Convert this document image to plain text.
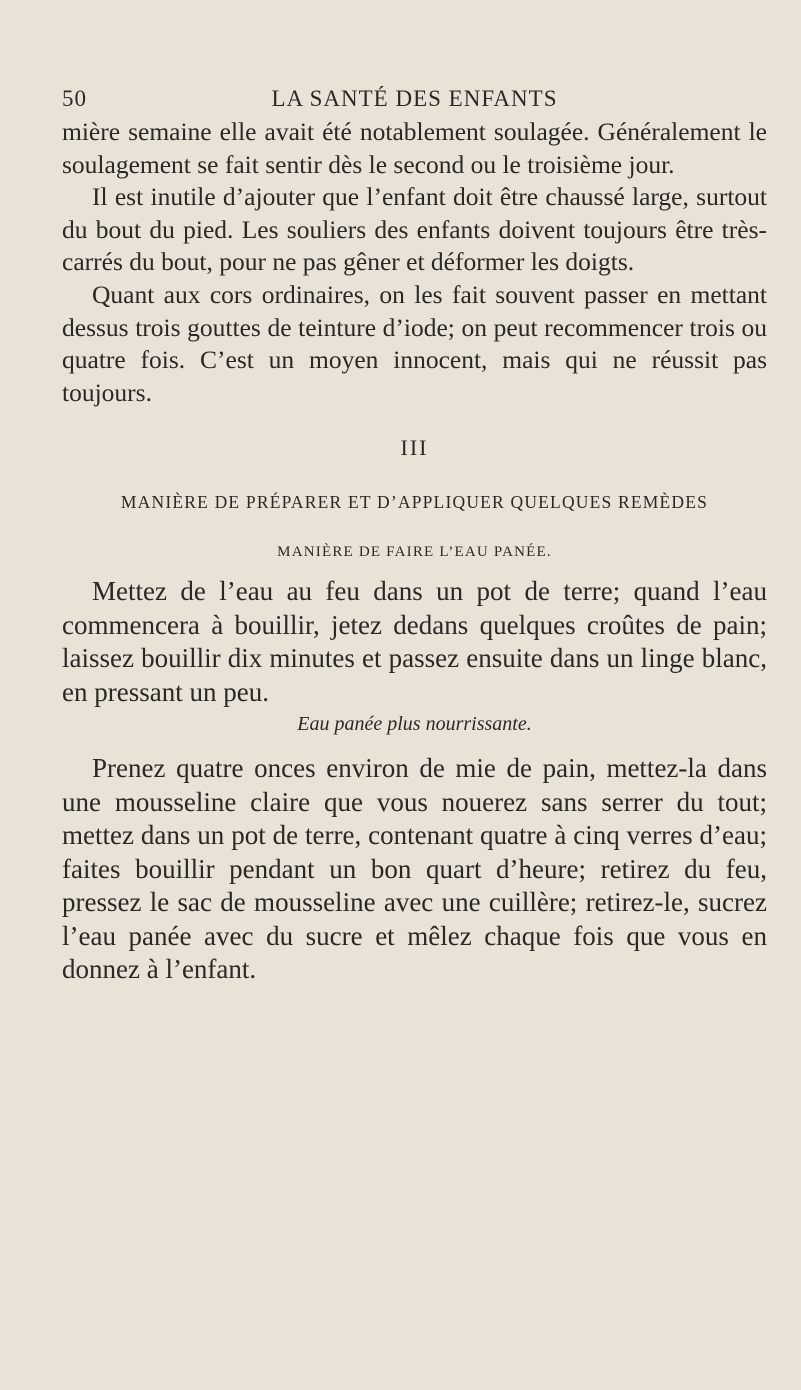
50	LA SANTÉ DES ENFANTS

mière semaine elle avait été notablement soulagée. Généralement le soulagement se fait sentir dès le second ou le troisième jour.

Il est inutile d’ajouter que l’enfant doit être chaussé large, surtout du bout du pied. Les souliers des enfants doivent toujours être très-carrés du bout, pour ne pas gêner et déformer les doigts.

Quant aux cors ordinaires, on les fait souvent passer en mettant dessus trois gouttes de teinture d’iode; on peut recommencer trois ou quatre fois. C’est un moyen innocent, mais qui ne réussit pas toujours.

III
MANIÈRE DE PRÉPARER ET D’APPLIQUER QUELQUES REMÈDES
MANIÈRE DE FAIRE L’EAU PANÉE.

Mettez de l’eau au feu dans un pot de terre; quand l’eau commencera à bouillir, jetez dedans quelques croûtes de pain; laissez bouillir dix minutes et passez ensuite dans un linge blanc, en pressant un peu.

Eau panée plus nourrissante.

Prenez quatre onces environ de mie de pain, mettez-la dans une mousseline claire que vous nouerez sans serrer du tout; mettez dans un pot de terre, contenant quatre à cinq verres d’eau; faites bouillir pendant un bon quart d’heure; retirez du feu, pressez le sac de mousseline avec une cuillère; retirez-le, sucrez l’eau panée avec du sucre et mêlez chaque fois que vous en donnez à l’enfant.
